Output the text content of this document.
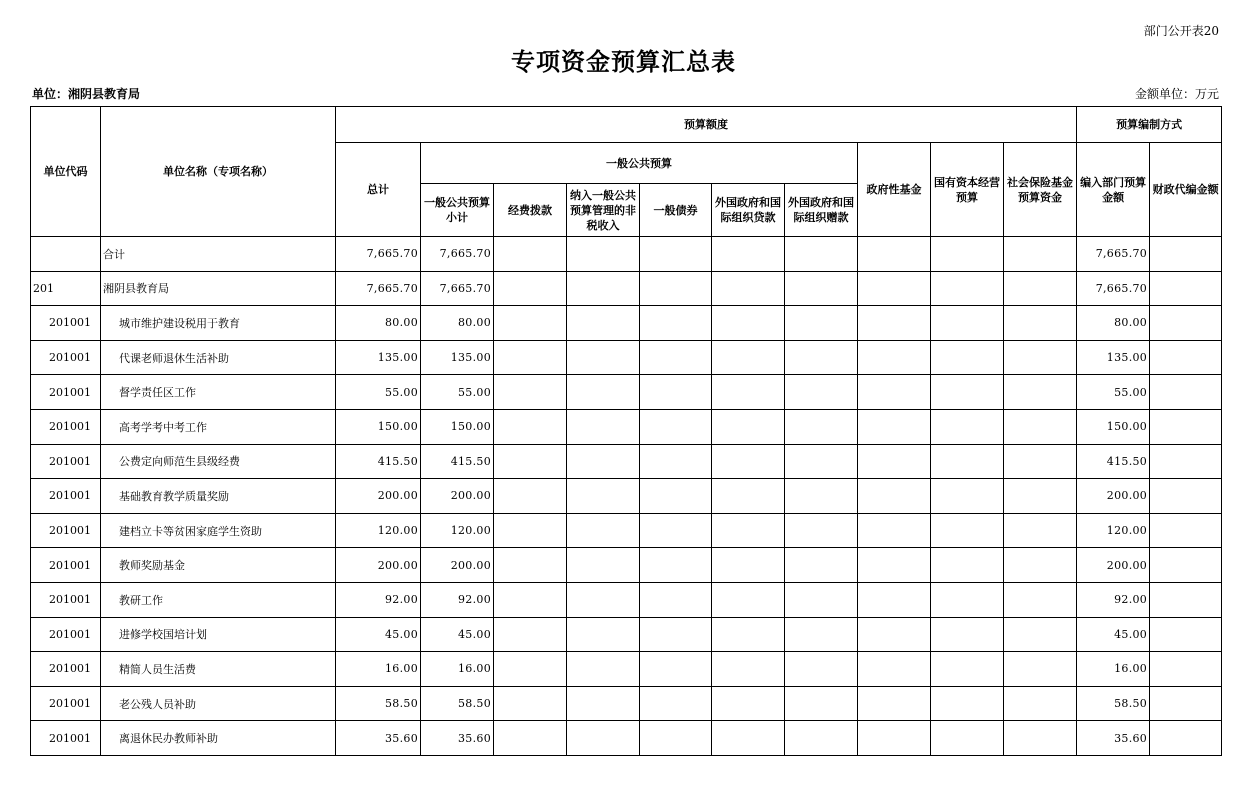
部门公开表20
专项资金预算汇总表
单位：湘阴县教育局	金额单位：万元
单位代码	单位名称（专项名称）	预算额度										预算编制方式	
		总计	一般公共预算						政府性基金	国有资本经营预算	社会保险基金预算资金	编入部门预算金额	财政代编金额
			一般公共预算小计	经费拨款	纳入一般公共预算管理的非税收入	一般债券	外国政府和国际组织贷款	外国政府和国际组织赠款					
	合计	7,665.70	7,665.70									7,665.70	
201	湘阴县教育局	7,665.70	7,665.70									7,665.70	
201001	城市维护建设税用于教育	80.00	80.00									80.00	
201001	代课老师退休生活补助	135.00	135.00									135.00	
201001	督学责任区工作	55.00	55.00									55.00	
201001	高考学考中考工作	150.00	150.00									150.00	
201001	公费定向师范生县级经费	415.50	415.50									415.50	
201001	基础教育教学质量奖励	200.00	200.00									200.00	
201001	建档立卡等贫困家庭学生资助	120.00	120.00									120.00	
201001	教师奖励基金	200.00	200.00									200.00	
201001	教研工作	92.00	92.00									92.00	
201001	进修学校国培计划	45.00	45.00									45.00	
201001	精简人员生活费	16.00	16.00									16.00	
201001	老公残人员补助	58.50	58.50									58.50	
201001	离退休民办教师补助	35.60	35.60									35.60	
